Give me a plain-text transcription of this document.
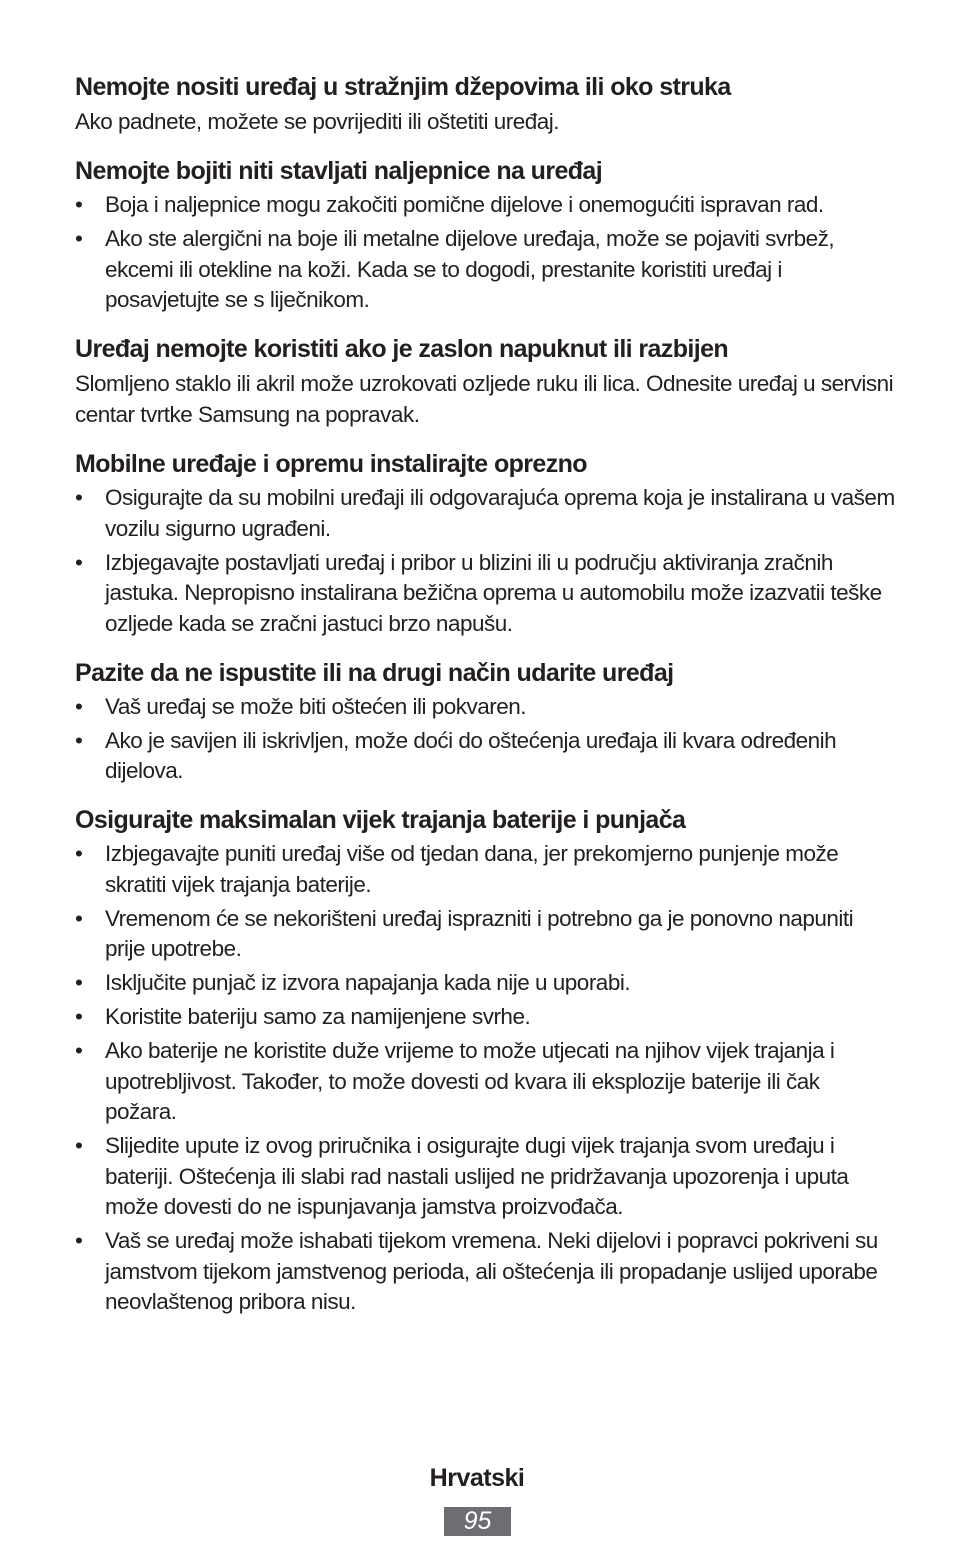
Nemojte nositi uređaj u stražnjim džepovima ili oko struka

Ako padnete, možete se povrijediti ili oštetiti uređaj.

Nemojte bojiti niti stavljati naljepnice na uređaj
• Boja i naljepnice mogu zakočiti pomične dijelove i onemogućiti ispravan rad.
• Ako ste alergični na boje ili metalne dijelove uređaja, može se pojaviti svrbež, ekcemi ili otekline na koži. Kada se to dogodi, prestanite koristiti uređaj i posavjetujte se s liječnikom.
Uređaj nemojte koristiti ako je zaslon napuknut ili razbijen

Slomljeno staklo ili akril može uzrokovati ozljede ruku ili lica. Odnesite uređaj u servisni centar tvrtke Samsung na popravak.

Mobilne uređaje i opremu instalirajte oprezno
• Osigurajte da su mobilni uređaji ili odgovarajuća oprema koja je instalirana u vašem vozilu sigurno ugrađeni.
• Izbjegavajte postavljati uređaj i pribor u blizini ili u području aktiviranja zračnih jastuka. Nepropisno instalirana bežična oprema u automobilu može izazvatii teške ozljede kada se zračni jastuci brzo napušu.
Pazite da ne ispustite ili na drugi način udarite uređaj
• Vaš uređaj se može biti oštećen ili pokvaren.
• Ako je savijen ili iskrivljen, može doći do oštećenja uređaja ili kvara određenih dijelova.
Osigurajte maksimalan vijek trajanja baterije i punjača
• Izbjegavajte puniti uređaj više od tjedan dana, jer prekomjerno punjenje može skratiti vijek trajanja baterije.
• Vremenom će se nekorišteni uređaj isprazniti i potrebno ga je ponovno napuniti prije upotrebe.
• Isključite punjač iz izvora napajanja kada nije u uporabi.
• Koristite bateriju samo za namijenjene svrhe.
• Ako baterije ne koristite duže vrijeme to može utjecati na njihov vijek trajanja i upotrebljivost. Također, to može dovesti od kvara ili eksplozije baterije ili čak požara.
• Slijedite upute iz ovog priručnika i osigurajte dugi vijek trajanja svom uređaju i bateriji. Oštećenja ili slabi rad nastali uslijed ne pridržavanja upozorenja i uputa može dovesti do ne ispunjavanja jamstva proizvođača.
• Vaš se uređaj može ishabati tijekom vremena. Neki dijelovi i popravci pokriveni su jamstvom tijekom jamstvenog perioda, ali oštećenja ili propadanje uslijed uporabe neovlaštenog pribora nisu.
Hrvatski
95
